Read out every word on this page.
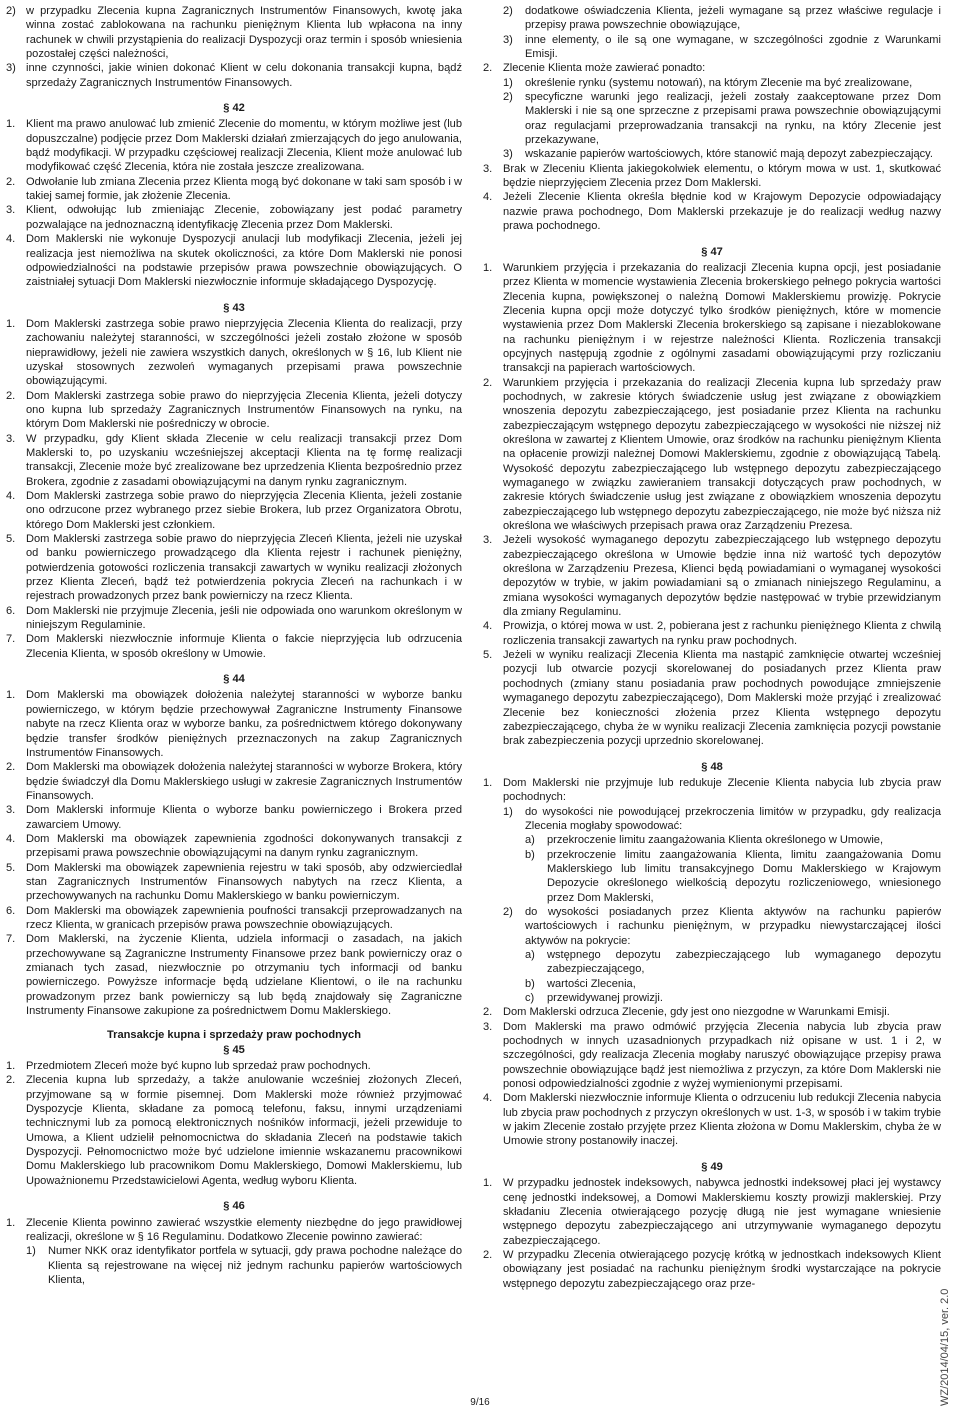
2) w przypadku Zlecenia kupna Zagranicznych Instrumentów Finansowych, kwotę jaka winna zostać zablokowana na rachunku pieniężnym Klienta lub wpłacona na inny rachunek w chwili przystąpienia do realizacji Dyspozycji oraz termin i sposób wniesienia pozostałej części należności,
3) inne czynności, jakie winien dokonać Klient w celu dokonania transakcji kupna, bądź sprzedaży Zagranicznych Instrumentów Finansowych.
§ 42
1. Klient ma prawo anulować lub zmienić Zlecenie do momentu, w którym możliwe jest (lub dopuszczalne) podjęcie przez Dom Maklerski działań zmierzających do jego anulowania, bądź modyfikacji. W przypadku częściowej realizacji Zlecenia, Klient może anulować lub modyfikować część Zlecenia, która nie została jeszcze zrealizowana.
2. Odwołanie lub zmiana Zlecenia przez Klienta mogą być dokonane w taki sam sposób i w takiej samej formie, jak złożenie Zlecenia.
3. Klient, odwołując lub zmieniając Zlecenie, zobowiązany jest podać parametry pozwalające na jednoznaczną identyfikację Zlecenia przez Dom Maklerski.
4. Dom Maklerski nie wykonuje Dyspozycji anulacji lub modyfikacji Zlecenia, jeżeli jej realizacja jest niemożliwa na skutek okoliczności, za które Dom Maklerski nie ponosi odpowiedzialności na podstawie przepisów prawa powszechnie obowiązujących. O zaistniałej sytuacji Dom Maklerski niezwłocznie informuje składającego Dyspozycję.
§ 43
1. Dom Maklerski zastrzega sobie prawo nieprzyjęcia Zlecenia Klienta do realizacji, przy zachowaniu należytej staranności, w szczególności jeżeli zostało złożone w sposób nieprawidłowy, jeżeli nie zawiera wszystkich danych, określonych w § 16, lub Klient nie uzyskał stosownych zezwoleń wymaganych przepisami prawa powszechnie obowiązującymi.
2. Dom Maklerski zastrzega sobie prawo do nieprzyjęcia Zlecenia Klienta, jeżeli dotyczy ono kupna lub sprzedaży Zagranicznych Instrumentów Finansowych na rynku, na którym Dom Maklerski nie pośredniczy w obrocie.
3. W przypadku, gdy Klient składa Zlecenie w celu realizacji transakcji przez Dom Maklerski to, po uzyskaniu wcześniejszej akceptacji Klienta na tę formę realizacji transakcji, Zlecenie może być zrealizowane bez uprzedzenia Klienta bezpośrednio przez Brokera, zgodnie z zasadami obowiązującymi na danym rynku zagranicznym.
4. Dom Maklerski zastrzega sobie prawo do nieprzyjęcia Zlecenia Klienta, jeżeli zostanie ono odrzucone przez wybranego przez siebie Brokera, lub przez Organizatora Obrotu, którego Dom Maklerski jest członkiem.
5. Dom Maklerski zastrzega sobie prawo do nieprzyjęcia Zleceń Klienta, jeżeli nie uzyskał od banku powierniczego prowadzącego dla Klienta rejestr i rachunek pieniężny, potwierdzenia gotowości rozliczenia transakcji zawartych w wyniku realizacji złożonych przez Klienta Zleceń, bądź też potwierdzenia pokrycia Zleceń na rachunkach i w rejestrach prowadzonych przez bank powierniczy na rzecz Klienta.
6. Dom Maklerski nie przyjmuje Zlecenia, jeśli nie odpowiada ono warunkom określonym w niniejszym Regulaminie.
7. Dom Maklerski niezwłocznie informuje Klienta o fakcie nieprzyjęcia lub odrzucenia Zlecenia Klienta, w sposób określony w Umowie.
§ 44
1. Dom Maklerski ma obowiązek dołożenia należytej staranności w wyborze banku powierniczego, w którym będzie przechowywał Zagraniczne Instrumenty Finansowe nabyte na rzecz Klienta oraz w wyborze banku, za pośrednictwem którego dokonywany będzie transfer środków pieniężnych przeznaczonych na zakup Zagranicznych Instrumentów Finansowych.
2. Dom Maklerski ma obowiązek dołożenia należytej staranności w wyborze Brokera, który będzie świadczył dla Domu Maklerskiego usługi w zakresie Zagranicznych Instrumentów Finansowych.
3. Dom Maklerski informuje Klienta o wyborze banku powierniczego i Brokera przed zawarciem Umowy.
4. Dom Maklerski ma obowiązek zapewnienia zgodności dokonywanych transakcji z przepisami prawa powszechnie obowiązującymi na danym rynku zagranicznym.
5. Dom Maklerski ma obowiązek zapewnienia rejestru w taki sposób, aby odzwierciedlał stan Zagranicznych Instrumentów Finansowych nabytych na rzecz Klienta, a przechowywanych na rachunku Domu Maklerskiego w banku powierniczym.
6. Dom Maklerski ma obowiązek zapewnienia poufności transakcji przeprowadzanych na rzecz Klienta, w granicach przepisów prawa powszechnie obowiązujących.
7. Dom Maklerski, na życzenie Klienta, udziela informacji o zasadach, na jakich przechowywane są Zagraniczne Instrumenty Finansowe przez bank powierniczy oraz o zmianach tych zasad, niezwłocznie po otrzymaniu tych informacji od banku powierniczego. Powyższe informacje będą udzielane Klientowi, o ile na rachunku prowadzonym przez bank powierniczy są lub będą znajdowały się Zagraniczne Instrumenty Finansowe zakupione za pośrednictwem Domu Maklerskiego.
Transakcje kupna i sprzedaży praw pochodnych
§ 45
1. Przedmiotem Zleceń może być kupno lub sprzedaż praw pochodnych.
2. Zlecenia kupna lub sprzedaży, a także anulowanie wcześniej złożonych Zleceń, przyjmowane są w formie pisemnej. Dom Maklerski może również przyjmować Dyspozycje Klienta, składane za pomocą telefonu, faksu, innymi urządzeniami technicznymi lub za pomocą elektronicznych nośników informacji, jeżeli przewiduje to Umowa, a Klient udzielił pełnomocnictwa do składania Zleceń na podstawie takich Dyspozycji. Pełnomocnictwo może być udzielone imiennie wskazanemu pracownikowi Domu Maklerskiego lub pracownikom Domu Maklerskiego, Domowi Maklerskiemu, lub Upoważnionemu Przedstawicielowi Agenta, według wyboru Klienta.
§ 46
1. Zlecenie Klienta powinno zawierać wszystkie elementy niezbędne do jego prawidłowej realizacji, określone w § 16 Regulaminu. Dodatkowo Zlecenie powinno zawierać:
1) Numer NKK oraz identyfikator portfela w sytuacji, gdy prawa pochodne należące do Klienta są rejestrowane na więcej niż jednym rachunku papierów wartościowych Klienta,
2) dodatkowe oświadczenia Klienta, jeżeli wymagane są przez właściwe regulacje i przepisy prawa powszechnie obowiązujące,
3) inne elementy, o ile są one wymagane, w szczególności zgodnie z Warunkami Emisji.
2. Zlecenie Klienta może zawierać ponadto:
1) określenie rynku (systemu notowań), na którym Zlecenie ma być zrealizowane,
2) specyficzne warunki jego realizacji, jeżeli zostały zaakceptowane przez Dom Maklerski i nie są one sprzeczne z przepisami prawa powszechnie obowiązującymi oraz regulacjami przeprowadzania transakcji na rynku, na który Zlecenie jest przekazywane,
3) wskazanie papierów wartościowych, które stanowić mają depozyt zabezpieczający.
3. Brak w Zleceniu Klienta jakiegokolwiek elementu, o którym mowa w ust. 1, skutkować będzie nieprzyjęciem Zlecenia przez Dom Maklerski.
4. Jeżeli Zlecenie Klienta określa błędnie kod w Krajowym Depozycie odpowiadający nazwie prawa pochodnego, Dom Maklerski przekazuje je do realizacji według nazwy prawa pochodnego.
§ 47
1. Warunkiem przyjęcia i przekazania do realizacji Zlecenia kupna opcji, jest posiadanie przez Klienta w momencie wystawienia Zlecenia brokerskiego pełnego pokrycia wartości Zlecenia kupna, powiększonej o należną Domowi Maklerskiemu prowizję. Pokrycie Zlecenia kupna opcji może dotyczyć tylko środków pieniężnych, które w momencie wystawienia przez Dom Maklerski Zlecenia brokerskiego są zapisane i niezablokowane na rachunku pieniężnym i w rejestrze należności Klienta. Rozliczenia transakcji opcyjnych następują zgodnie z ogólnymi zasadami obowiązującymi przy rozliczaniu transakcji na papierach wartościowych.
2. Warunkiem przyjęcia i przekazania do realizacji Zlecenia kupna lub sprzedaży praw pochodnych, w zakresie których świadczenie usług jest związane z obowiązkiem wnoszenia depozytu zabezpieczającego, jest posiadanie przez Klienta na rachunku zabezpieczającym wstępnego depozytu zabezpieczającego w wysokości nie niższej niż określona w zawartej z Klientem Umowie, oraz środków na rachunku pieniężnym Klienta na opłacenie prowizji należnej Domowi Maklerskiemu, zgodnie z obowiązującą Tabelą. Wysokość depozytu zabezpieczającego lub wstępnego depozytu zabezpieczającego wymaganego w związku zawieraniem transakcji dotyczących praw pochodnych, w zakresie których świadczenie usług jest związane z obowiązkiem wnoszenia depozytu zabezpieczającego lub wstępnego depozytu zabezpieczającego, nie może być niższa niż określona we właściwych przepisach prawa oraz Zarządzeniu Prezesa.
3. Jeżeli wysokość wymaganego depozytu zabezpieczającego lub wstępnego depozytu zabezpieczającego określona w Umowie będzie inna niż wartość tych depozytów określona w Zarządzeniu Prezesa, Klienci będą powiadamiani o wymaganej wysokości depozytów w trybie, w jakim powiadamiani są o zmianach niniejszego Regulaminu, a zmiana wysokości wymaganych depozytów będzie następować w trybie przewidzianym dla zmiany Regulaminu.
4. Prowizja, o której mowa w ust. 2, pobierana jest z rachunku pieniężnego Klienta z chwilą rozliczenia transakcji zawartych na rynku praw pochodnych.
5. Jeżeli w wyniku realizacji Zlecenia Klienta ma nastąpić zamknięcie otwartej wcześniej pozycji lub otwarcie pozycji skorelowanej do posiadanych przez Klienta praw pochodnych (zmiany stanu posiadania praw pochodnych powodujące zmniejszenie wymaganego depozytu zabezpieczającego), Dom Maklerski może przyjąć i zrealizować Zlecenie bez konieczności złożenia przez Klienta wstępnego depozytu zabezpieczającego, chyba że w wyniku realizacji Zlecenia zamknięcia pozycji powstanie brak zabezpieczenia pozycji uprzednio skorelowanej.
§ 48
1. Dom Maklerski nie przyjmuje lub redukuje Zlecenie Klienta nabycia lub zbycia praw pochodnych:
1) do wysokości nie powodującej przekroczenia limitów w przypadku, gdy realizacja Zlecenia mogłaby spowodować:
a) przekroczenie limitu zaangażowania Klienta określonego w Umowie,
b) przekroczenie limitu zaangażowania Klienta, limitu zaangażowania Domu Maklerskiego lub limitu transakcyjnego Domu Maklerskiego w Krajowym Depozycie określonego wielkością depozytu rozliczeniowego, wniesionego przez Dom Maklerski,
2) do wysokości posiadanych przez Klienta aktywów na rachunku papierów wartościowych i rachunku pieniężnym, w przypadku niewystarczającej ilości aktywów na pokrycie:
a) wstępnego depozytu zabezpieczającego lub wymaganego depozytu zabezpieczającego,
b) wartości Zlecenia,
c) przewidywanej prowizji.
2. Dom Maklerski odrzuca Zlecenie, gdy jest ono niezgodne w Warunkami Emisji.
3. Dom Maklerski ma prawo odmówić przyjęcia Zlecenia nabycia lub zbycia praw pochodnych w innych uzasadnionych przypadkach niż opisane w ust. 1 i 2, w szczególności, gdy realizacja Zlecenia mogłaby naruszyć obowiązujące przepisy prawa powszechnie obowiązujące bądź jest niemożliwa z przyczyn, za które Dom Maklerski nie ponosi odpowiedzialności zgodnie z wyżej wymienionymi przepisami.
4. Dom Maklerski niezwłocznie informuje Klienta o odrzuceniu lub redukcji Zlecenia nabycia lub zbycia praw pochodnych z przyczyn określonych w ust. 1-3, w sposób i w takim trybie w jakim Zlecenie zostało przyjęte przez Klienta złożona w Domu Maklerskim, chyba że w Umowie strony postanowiły inaczej.
§ 49
1. W przypadku jednostek indeksowych, nabywca jednostki indeksowej płaci jej wystawcy cenę jednostki indeksowej, a Domowi Maklerskiemu koszty prowizji maklerskiej. Przy składaniu Zlecenia otwierającego pozycję długą nie jest wymagane wniesienie wstępnego depozytu zabezpieczającego ani utrzymywanie wymaganego depozytu zabezpieczającego.
2. W przypadku Zlecenia otwierającego pozycję krótką w jednostkach indeksowych Klient obowiązany jest posiadać na rachunku pieniężnym środki wystarczające na pokrycie wstępnego depozytu zabezpieczającego oraz prze-
9/16	WZ/2014/04/15, ver. 2.0
